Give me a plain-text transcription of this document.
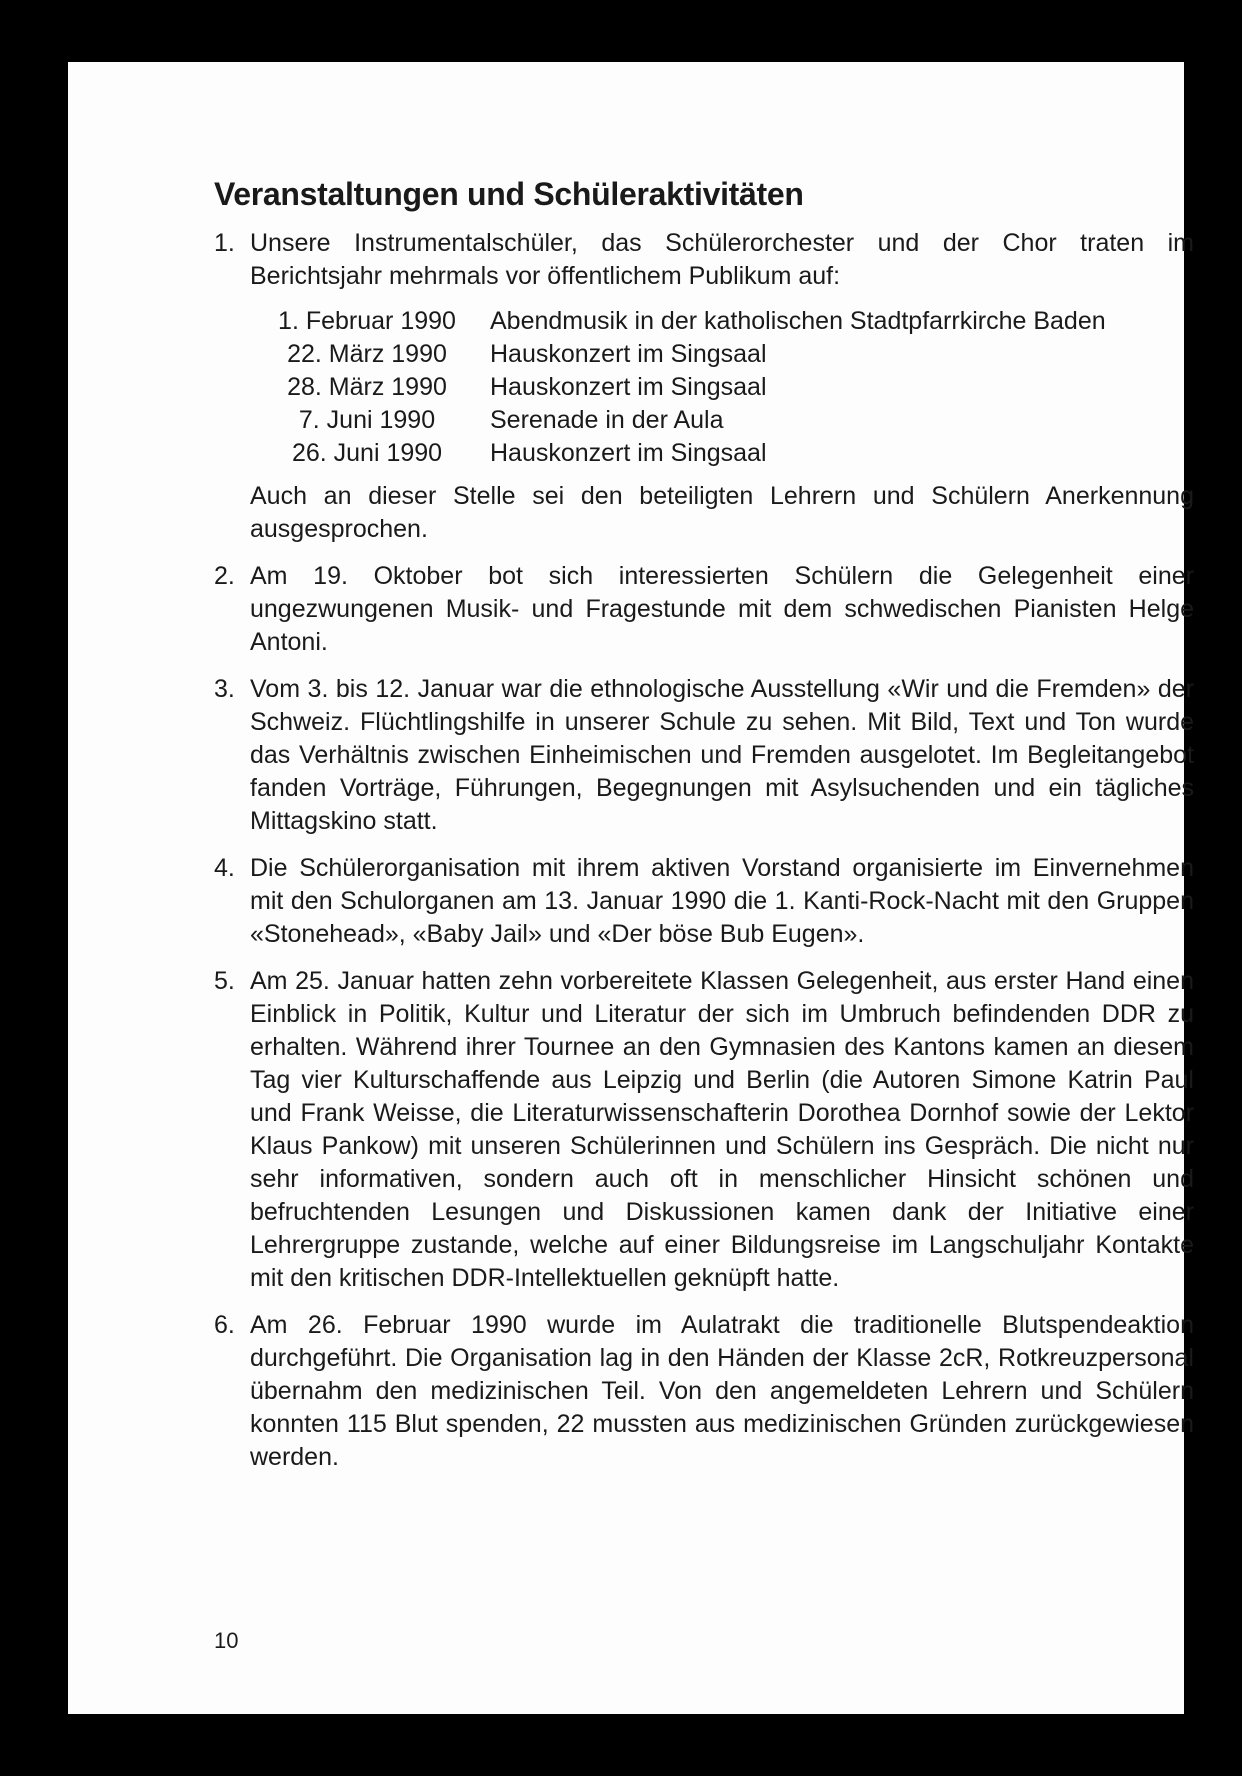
Veranstaltungen und Schüleraktivitäten
1. Unsere Instrumentalschüler, das Schülerorchester und der Chor traten im Berichtsjahr mehrmals vor öffentlichem Publikum auf:

1. Februar 1990	Abendmusik in der katholischen Stadtpfarrkirche Baden
22. März 1990	Hauskonzert im Singsaal
28. März 1990	Hauskonzert im Singsaal
7. Juni 1990	Serenade in der Aula
26. Juni 1990	Hauskonzert im Singsaal

Auch an dieser Stelle sei den beteiligten Lehrern und Schülern Anerkennung ausgesprochen.

2. Am 19. Oktober bot sich interessierten Schülern die Gelegenheit einer ungezwungenen Musik- und Fragestunde mit dem schwedischen Pianisten Helge Antoni.

3. Vom 3. bis 12. Januar war die ethnologische Ausstellung «Wir und die Fremden» der Schweiz. Flüchtlingshilfe in unserer Schule zu sehen. Mit Bild, Text und Ton wurde das Verhältnis zwischen Einheimischen und Fremden ausgelotet. Im Begleitangebot fanden Vorträge, Führungen, Begegnungen mit Asylsuchenden und ein tägliches Mittagskino statt.

4. Die Schülerorganisation mit ihrem aktiven Vorstand organisierte im Einvernehmen mit den Schulorganen am 13. Januar 1990 die 1. Kanti-Rock-Nacht mit den Gruppen «Stonehead», «Baby Jail» und «Der böse Bub Eugen».

5. Am 25. Januar hatten zehn vorbereitete Klassen Gelegenheit, aus erster Hand einen Einblick in Politik, Kultur und Literatur der sich im Umbruch befindenden DDR zu erhalten. Während ihrer Tournee an den Gymnasien des Kantons kamen an diesem Tag vier Kulturschaffende aus Leipzig und Berlin (die Autoren Simone Katrin Paul und Frank Weisse, die Literaturwissenschafterin Dorothea Dornhof sowie der Lektor Klaus Pankow) mit unseren Schülerinnen und Schülern ins Gespräch. Die nicht nur sehr informativen, sondern auch oft in menschlicher Hinsicht schönen und befruchtenden Lesungen und Diskussionen kamen dank der Initiative einer Lehrergruppe zustande, welche auf einer Bildungsreise im Langschuljahr Kontakte mit den kritischen DDR-Intellektuellen geknüpft hatte.

6. Am 26. Februar 1990 wurde im Aulatrakt die traditionelle Blutspendeaktion durchgeführt. Die Organisation lag in den Händen der Klasse 2cR, Rotkreuzpersonal übernahm den medizinischen Teil. Von den angemeldeten Lehrern und Schülern konnten 115 Blut spenden, 22 mussten aus medizinischen Gründen zurückgewiesen werden.

10
